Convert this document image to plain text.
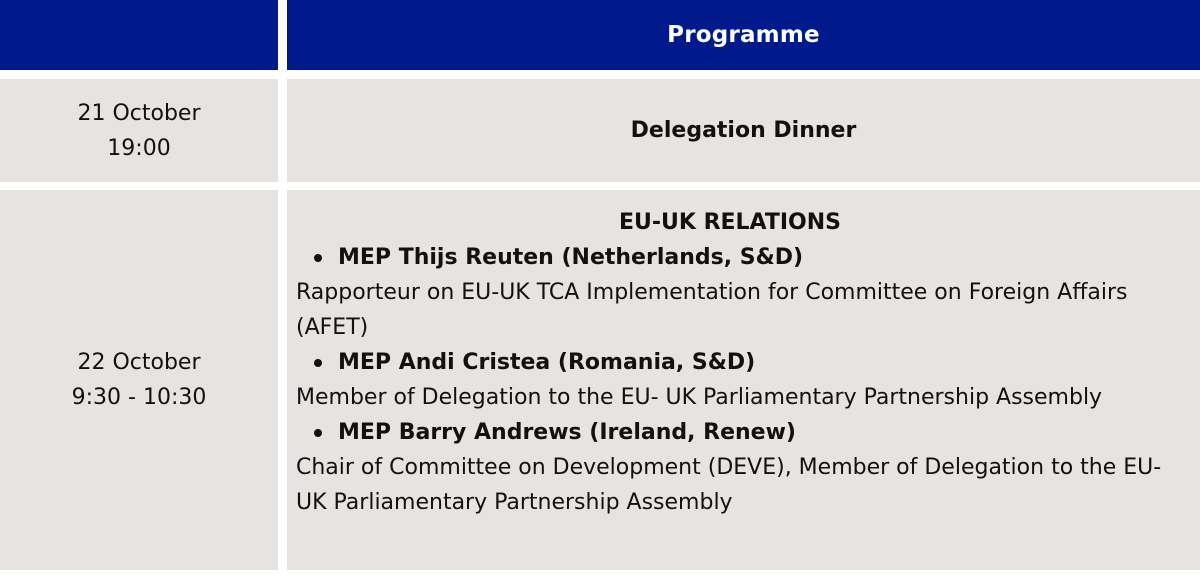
Programme
21 October
19:00
Delegation Dinner
22 October
9:30 - 10:30
EU-UK RELATIONS
MEP Thijs Reuten (Netherlands, S&D)
Rapporteur on EU-UK TCA Implementation for Committee on Foreign Affairs (AFET)
MEP Andi Cristea (Romania, S&D)
Member of Delegation to the EU- UK Parliamentary Partnership Assembly
MEP Barry Andrews (Ireland, Renew)
Chair of Committee on Development (DEVE), Member of Delegation to the EU- UK Parliamentary Partnership Assembly
